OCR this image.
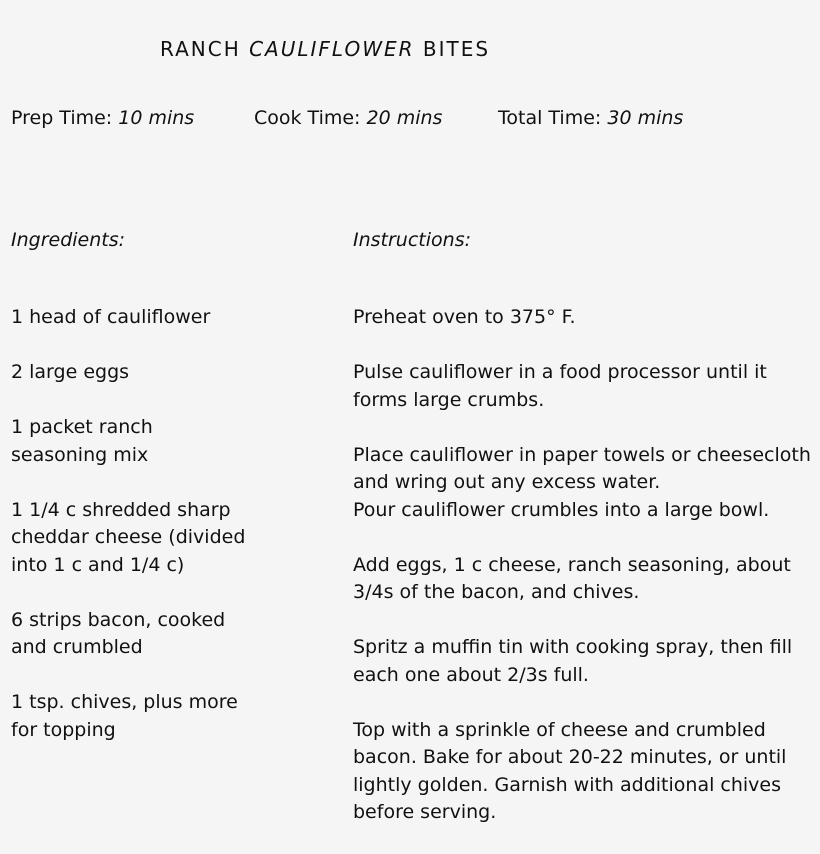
RANCH CAULIFLOWER BITES
Prep Time: 10 mins	Cook Time: 20 mins	Total Time: 30 mins
Ingredients:	Instructions:

1 head of cauliflower

2 large eggs

1 packet ranch seasoning mix

1 1/4 c shredded sharp cheddar cheese (divided into 1 c and 1/4 c)

6 strips bacon, cooked and crumbled

1 tsp. chives, plus more for topping

Preheat oven to 375° F.

Pulse cauliflower in a food processor until it forms large crumbs.

Place cauliflower in paper towels or cheesecloth and wring out any excess water.

Pour cauliflower crumbles into a large bowl.

Add eggs, 1 c cheese, ranch seasoning, about 3/4s of the bacon, and chives.

Spritz a muffin tin with cooking spray, then fill each one about 2/3s full.

Top with a sprinkle of cheese and crumbled bacon. Bake for about 20-22 minutes, or until lightly golden. Garnish with additional chives before serving.
